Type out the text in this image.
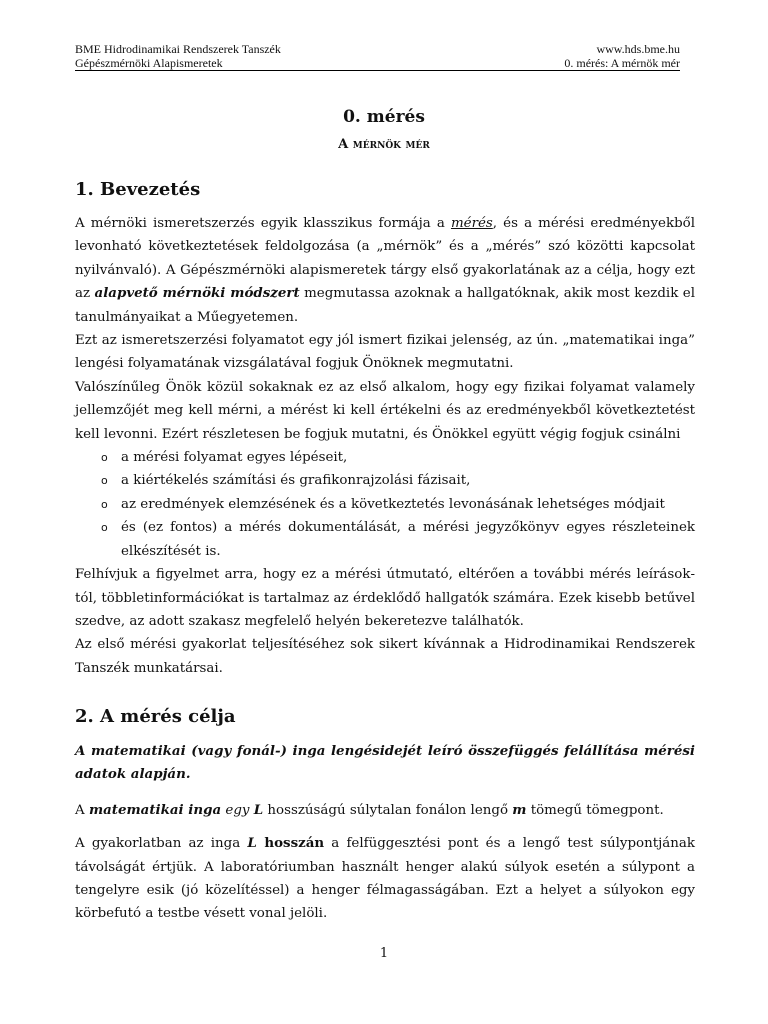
BME Hidrodinamikai Rendszerek Tanszék	www.hds.bme.hu
Gépészmérnöki Alapismeretek	0. mérés: A mérnök mér
0. mérés
A mérnök mér
1. Bevezetés

A mérnöki ismeretszerzés egyik klasszikus formája a mérés, és a mérési eredményekből levonható következtetések feldolgozása (a „mérnök” és a „mérés” szó közötti kapcsolat nyilvánvaló). A Gépészmérnöki alapismeretek tárgy első gyakorlatának az a célja, hogy ezt az alapvető mérnöki módszert megmutassa azoknak a hallgatóknak, akik most kezdik el tanulmányaikat a Műegyetemen.

Ezt az ismeretszerzési folyamatot egy jól ismert fizikai jelenség, az ún. „matematikai inga” lengési folyamatának vizsgálatával fogjuk Önöknek megmutatni.

Valószínűleg Önök közül sokaknak ez az első alkalom, hogy egy fizikai folyamat valamely jellemzőjét meg kell mérni, a mérést ki kell értékelni és az eredményekből következtetést kell levonni. Ezért részletesen be fogjuk mutatni, és Önökkel együtt végig fogjuk csinálni

o a mérési folyamat egyes lépéseit,
o a kiértékelés számítási és grafikonrajzolási fázisait,
o az eredmények elemzésének és a következtetés levonásának lehetséges módjait
o és (ez fontos) a mérés dokumentálását, a mérési jegyzőkönyv egyes részleteinek elkészítését is.

Felhívjuk a figyelmet arra, hogy ez a mérési útmutató, eltérően a további mérés leírásoktól, többletinformációkat is tartalmaz az érdeklődő hallgatók számára. Ezek kisebb betűvel szedve, az adott szakasz megfelelő helyén bekeretezve találhatók.

Az első mérési gyakorlat teljesítéséhez sok sikert kívánnak a Hidrodinamikai Rendszerek Tanszék munkatársai.

2. A mérés célja

A matematikai (vagy fonál-) inga lengésidejét leíró összefüggés felállítása mérési adatok alapján.

A matematikai inga egy L hosszúságú súlytalan fonálon lengő m tömegű tömegpont.

A gyakorlatban az inga L hosszán a felfüggesztési pont és a lengő test súlypontjának távolságát értjük. A laboratóriumban használt henger alakú súlyok esetén a súlypont a tengelyre esik (jó közelítéssel) a henger félmagasságában. Ezt a helyet a súlyokon egy körbefutó a testbe vésett vonal jelöli.

1
